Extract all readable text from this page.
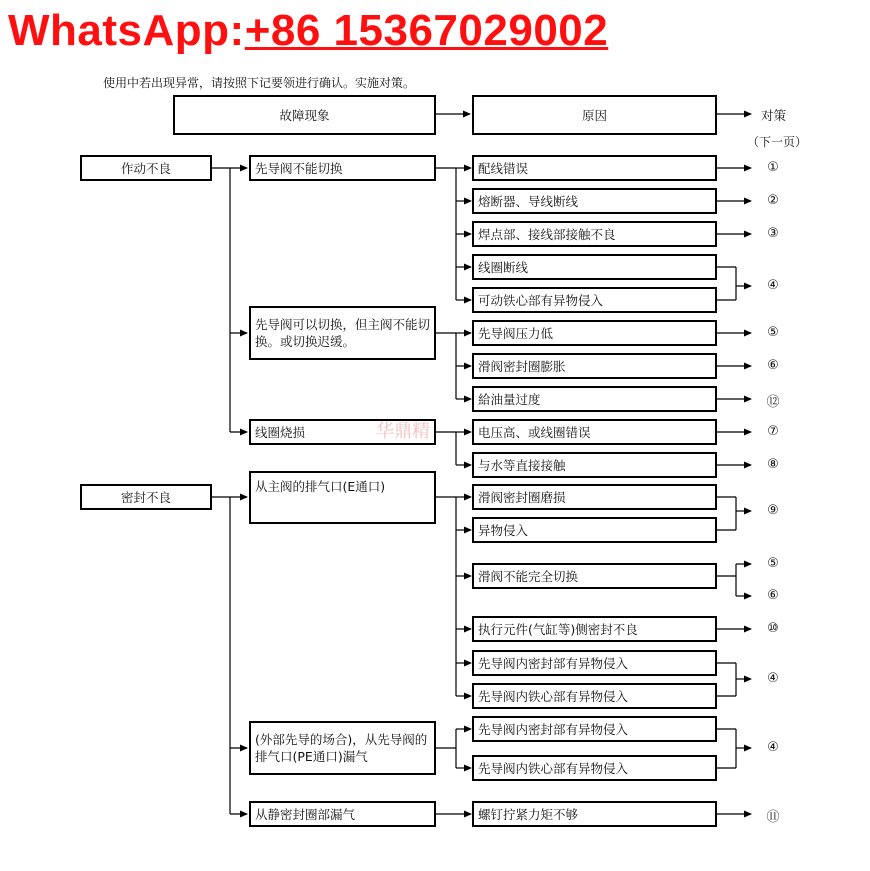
WhatsApp:+86 15367029002
使用中若出现异常，请按照下记要领进行确认。实施对策。
故障现象	原因	对策
（下一页）
作动不良
密封不良
先导阀不能切换
先导阀可以切换，但主阀不能切换。或切换迟缓。
线圈烧损
从主阀的排气口(E通口)
(外部先导的场合)，从先导阀的排气口(PE通口)漏气
从静密封圈部漏气
配线错误
熔断器、导线断线
焊点部、接线部接触不良
线圈断线
可动铁心部有异物侵入
先导阀压力低
滑阀密封圈膨胀
給油量过度
电压高、或线圈错误
与水等直接接触
滑阀密封圈磨损
异物侵入
滑阀不能完全切换
执行元件(气缸等)侧密封不良
先导阀内密封部有异物侵入
先导阀内铁心部有异物侵入
先导阀内密封部有异物侵入
先导阀内铁心部有异物侵入
螺钉拧紧力矩不够
①
②
③
④
⑤
⑥
⑫
⑦
⑧
⑨
⑤
⑥
⑩
④
④
⑪
华鼎精
